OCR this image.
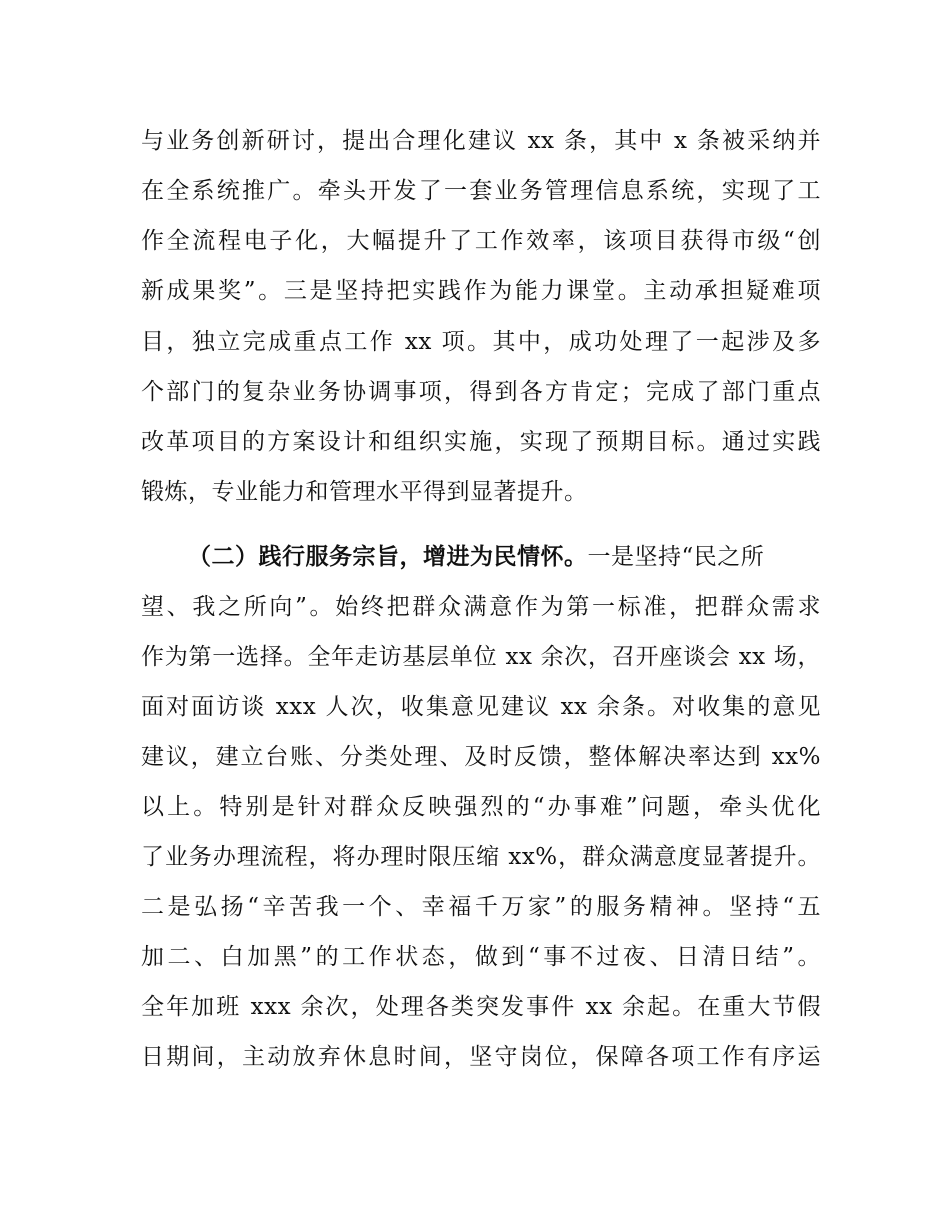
与业务创新研讨，提出合理化建议 xx 条，其中 x 条被采纳并
在全系统推广。牵头开发了一套业务管理信息系统，实现了工
作全流程电子化，大幅提升了工作效率，该项目获得市级“创
新成果奖”。三是坚持把实践作为能力课堂。主动承担疑难项
目，独立完成重点工作 xx 项。其中，成功处理了一起涉及多
个部门的复杂业务协调事项，得到各方肯定；完成了部门重点
改革项目的方案设计和组织实施，实现了预期目标。通过实践
锻炼，专业能力和管理水平得到显著提升。
（二）践行服务宗旨，增进为民情怀。一是坚持“民之所
望、我之所向”。始终把群众满意作为第一标准，把群众需求
作为第一选择。全年走访基层单位 xx 余次，召开座谈会 xx 场，
面对面访谈 xxx 人次，收集意见建议 xx 余条。对收集的意见
建议，建立台账、分类处理、及时反馈，整体解决率达到 xx%
以上。特别是针对群众反映强烈的“办事难”问题，牵头优化
了业务办理流程，将办理时限压缩 xx%，群众满意度显著提升。
二是弘扬“辛苦我一个、幸福千万家”的服务精神。坚持“五
加二、白加黑”的工作状态，做到“事不过夜、日清日结”。
全年加班 xxx 余次，处理各类突发事件 xx 余起。在重大节假
日期间，主动放弃休息时间，坚守岗位，保障各项工作有序运
